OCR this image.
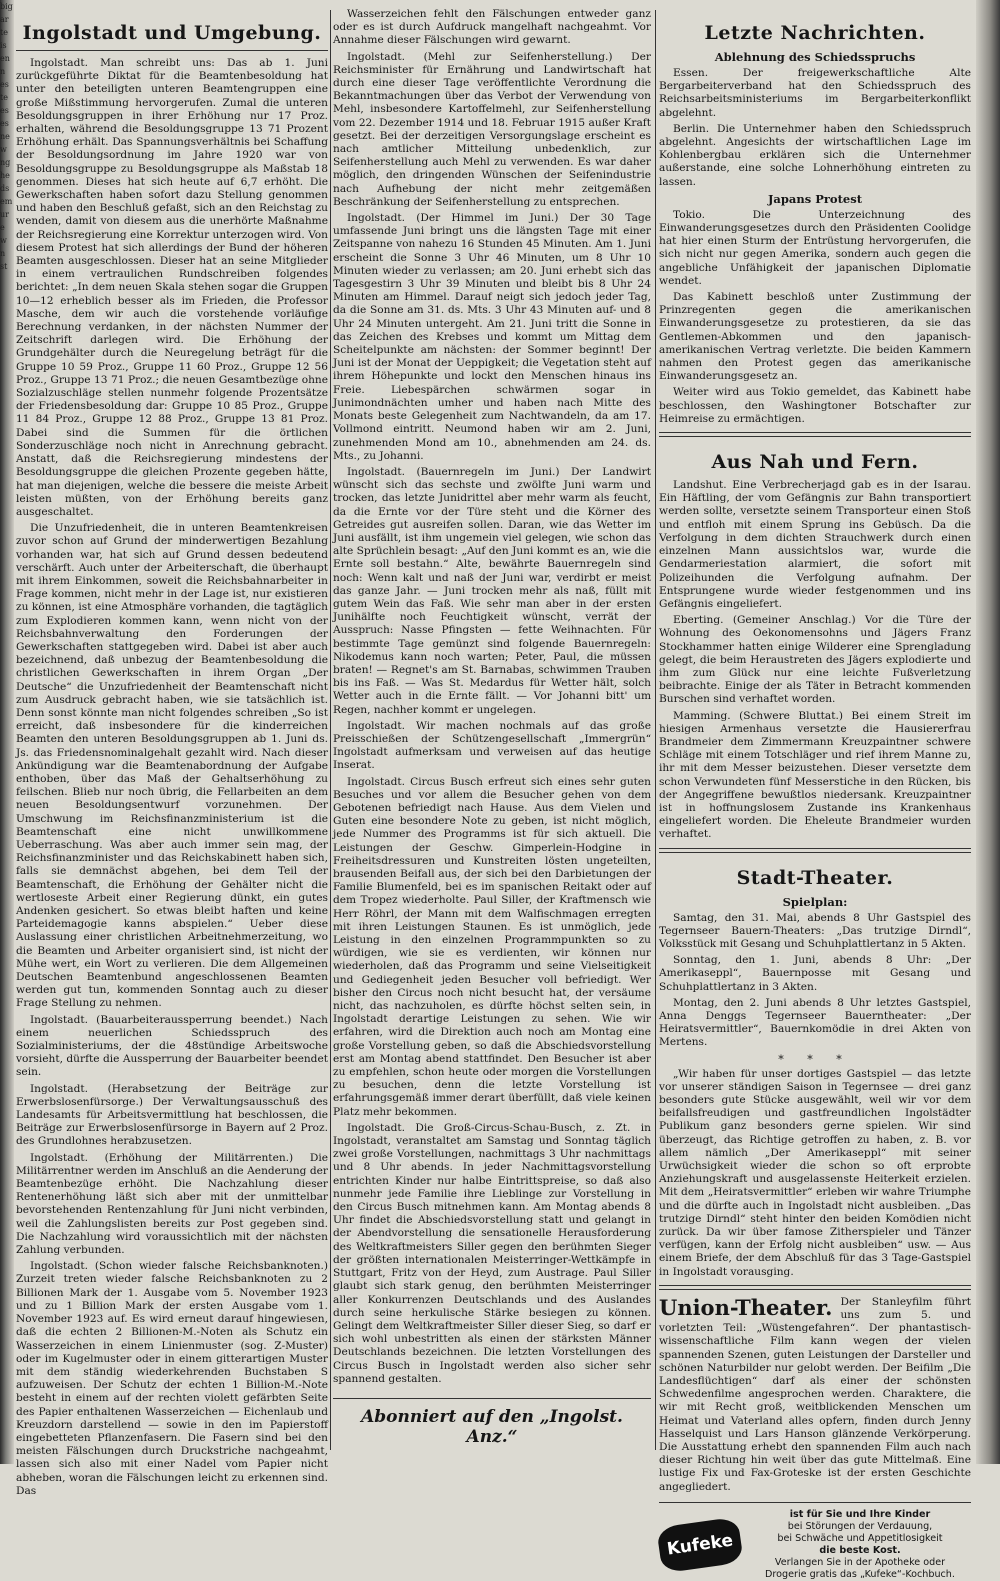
big
ar
te
is
en
n
es
te
es
es
ne
w
ng
he
ds
em
ur
e
w
n
st
Ingolstadt und Umgebung.

Ingolstadt. Man schreibt uns: Das ab 1. Juni zurückgeführte Diktat für die Beamtenbesoldung hat unter den beteiligten unteren Beamtengruppen eine große Mißstimmung hervorgerufen. Zumal die unteren Besoldungsgruppen in ihrer Erhöhung nur 17 Proz. erhalten, während die Besoldungsgruppe 13 71 Prozent Erhöhung erhält. Das Spannungsverhältnis bei Schaffung der Besoldungsordnung im Jahre 1920 war von Besoldungsgruppe zu Besoldungsgruppe als Maßstab 18 genommen. Dieses hat sich heute auf 6,7 erhöht. Die Gewerkschaften haben sofort dazu Stellung genommen und haben den Beschluß gefaßt, sich an den Reichstag zu wenden, damit von diesem aus die unerhörte Maßnahme der Reichsregierung eine Korrektur unterzogen wird. Von diesem Protest hat sich allerdings der Bund der höheren Beamten ausgeschlossen. Dieser hat an seine Mitglieder in einem vertraulichen Rundschreiben folgendes berichtet: „In dem neuen Skala stehen sogar die Gruppen 10—12 erheblich besser als im Frieden, die Professor Masche, dem wir auch die vorstehende vorläufige Berechnung verdanken, in der nächsten Nummer der Zeitschrift darlegen wird. Die Erhöhung der Grundgehälter durch die Neuregelung beträgt für die Gruppe 10 59 Proz., Gruppe 11 60 Proz., Gruppe 12 56 Proz., Gruppe 13 71 Proz.; die neuen Gesamtbezüge ohne Sozialzuschläge stellen nunmehr folgende Prozentsätze der Friedensbesoldung dar: Gruppe 10 85 Proz., Gruppe 11 84 Proz., Gruppe 12 88 Proz., Gruppe 13 81 Proz. Dabei sind die Summen für die örtlichen Sonderzuschläge noch nicht in Anrechnung gebracht. Anstatt, daß die Reichsregierung mindestens der Besoldungsgruppe die gleichen Prozente gegeben hätte, hat man diejenigen, welche die bessere die meiste Arbeit leisten müßten, von der Erhöhung bereits ganz ausgeschaltet.

Die Unzufriedenheit, die in unteren Beamtenkreisen zuvor schon auf Grund der minderwertigen Bezahlung vorhanden war, hat sich auf Grund dessen bedeutend verschärft. Auch unter der Arbeiterschaft, die überhaupt mit ihrem Einkommen, soweit die Reichsbahnarbeiter in Frage kommen, nicht mehr in der Lage ist, nur existieren zu können, ist eine Atmosphäre vorhanden, die tagtäglich zum Explodieren kommen kann, wenn nicht von der Reichsbahnverwaltung den Forderungen der Gewerkschaften stattgegeben wird. Dabei ist aber auch bezeichnend, daß unbezug der Beamtenbesoldung die christlichen Gewerkschaften in ihrem Organ „Der Deutsche“ die Unzufriedenheit der Beamtenschaft nicht zum Ausdruck gebracht haben, wie sie tatsächlich ist. Denn sonst könnte man nicht folgendes schreiben „So ist erreicht, daß insbesondere für die kinderreichen Beamten den unteren Besoldungsgruppen ab 1. Juni ds. Js. das Friedensnominalgehalt gezahlt wird. Nach dieser Ankündigung war die Beamtenabordnung der Aufgabe enthoben, über das Maß der Gehaltserhöhung zu feilschen. Blieb nur noch übrig, die Fellarbeiten an dem neuen Besoldungsentwurf vorzunehmen. Der Umschwung im Reichsfinanzministerium ist die Beamtenschaft eine nicht unwillkommene Ueberraschung. Was aber auch immer sein mag, der Reichsfinanzminister und das Reichskabinett haben sich, falls sie demnächst abgehen, bei dem Teil der Beamtenschaft, die Erhöhung der Gehälter nicht die wertloseste Arbeit einer Regierung dünkt, ein gutes Andenken gesichert. So etwas bleibt haften und keine Parteidemagogie kanns abspielen.“ Ueber diese Auslassung einer christlichen Arbeitnehmerzeitung, wo die Beamten und Arbeiter organisiert sind, ist nicht der Mühe wert, ein Wort zu verlieren. Die dem Allgemeinen Deutschen Beamtenbund angeschlossenen Beamten werden gut tun, kommenden Sonntag auch zu dieser Frage Stellung zu nehmen.

Ingolstadt. (Bauarbeiteraussperrung beendet.) Nach einem neuerlichen Schiedsspruch des Sozialministeriums, der die 48stündige Arbeitswoche vorsieht, dürfte die Aussperrung der Bauarbeiter beendet sein.

Ingolstadt. (Herabsetzung der Beiträge zur Erwerbslosenfürsorge.) Der Verwaltungsausschuß des Landesamts für Arbeitsvermittlung hat beschlossen, die Beiträge zur Erwerbslosenfürsorge in Bayern auf 2 Proz. des Grundlohnes herabzusetzen.

Ingolstadt. (Erhöhung der Militärrenten.) Die Militärrentner werden im Anschluß an die Aenderung der Beamtenbezüge erhöht. Die Nachzahlung dieser Rentenerhöhung läßt sich aber mit der unmittelbar bevorstehenden Rentenzahlung für Juni nicht verbinden, weil die Zahlungslisten bereits zur Post gegeben sind. Die Nachzahlung wird voraussichtlich mit der nächsten Zahlung verbunden.

Ingolstadt. (Schon wieder falsche Reichsbanknoten.) Zurzeit treten wieder falsche Reichsbanknoten zu 2 Billionen Mark der 1. Ausgabe vom 5. November 1923 und zu 1 Billion Mark der ersten Ausgabe vom 1. November 1923 auf. Es wird erneut darauf hingewiesen, daß die echten 2 Billionen-M.-Noten als Schutz ein Wasserzeichen in einem Linienmuster (sog. Z-Muster) oder im Kugelmuster oder in einem gitterartigen Muster mit dem ständig wiederkehrenden Buchstaben S aufzuweisen. Der Schutz der echten 1 Billion-M.-Note besteht in einem auf der rechten violett gefärbten Seite des Papier enthaltenen Wasserzeichen — Eichenlaub und Kreuzdorn darstellend — sowie in den im Papierstoff eingebetteten Pflanzenfasern. Die Fasern sind bei den meisten Fälschungen durch Druckstriche nachgeahmt, lassen sich also mit einer Nadel vom Papier nicht abheben, woran die Fälschungen leicht zu erkennen sind. Das

Wasserzeichen fehlt den Fälschungen entweder ganz oder es ist durch Aufdruck mangelhaft nachgeahmt. Vor Annahme dieser Fälschungen wird gewarnt.

Ingolstadt. (Mehl zur Seifenherstellung.) Der Reichsminister für Ernährung und Landwirtschaft hat durch eine dieser Tage veröffentlichte Verordnung die Bekanntmachungen über das Verbot der Verwendung von Mehl, insbesondere Kartoffelmehl, zur Seifenherstellung vom 22. Dezember 1914 und 18. Februar 1915 außer Kraft gesetzt. Bei der derzeitigen Versorgungslage erscheint es nach amtlicher Mitteilung unbedenklich, zur Seifenherstellung auch Mehl zu verwenden. Es war daher möglich, den dringenden Wünschen der Seifenindustrie nach Aufhebung der nicht mehr zeitgemäßen Beschränkung der Seifenherstellung zu entsprechen.

Ingolstadt. (Der Himmel im Juni.) Der 30 Tage umfassende Juni bringt uns die längsten Tage mit einer Zeitspanne von nahezu 16 Stunden 45 Minuten. Am 1. Juni erscheint die Sonne 3 Uhr 46 Minuten, um 8 Uhr 10 Minuten wieder zu verlassen; am 20. Juni erhebt sich das Tagesgestirn 3 Uhr 39 Minuten und bleibt bis 8 Uhr 24 Minuten am Himmel. Darauf neigt sich jedoch jeder Tag, da die Sonne am 31. ds. Mts. 3 Uhr 43 Minuten auf- und 8 Uhr 24 Minuten untergeht. Am 21. Juni tritt die Sonne in das Zeichen des Krebses und kommt um Mittag dem Scheitelpunkte am nächsten: der Sommer beginnt! Der Juni ist der Monat der Ueppigkeit; die Vegetation steht auf ihrem Höhepunkte und lockt den Menschen hinaus ins Freie. Liebespärchen schwärmen sogar in Junimondnächten umher und haben nach Mitte des Monats beste Gelegenheit zum Nachtwandeln, da am 17. Vollmond eintritt. Neumond haben wir am 2. Juni, zunehmenden Mond am 10., abnehmenden am 24. ds. Mts., zu Johanni.

Ingolstadt. (Bauernregeln im Juni.) Der Landwirt wünscht sich das sechste und zwölfte Juni warm und trocken, das letzte Junidrittel aber mehr warm als feucht, da die Ernte vor der Türe steht und die Körner des Getreides gut ausreifen sollen. Daran, wie das Wetter im Juni ausfällt, ist ihm ungemein viel gelegen, wie schon das alte Sprüchlein besagt: „Auf den Juni kommt es an, wie die Ernte soll bestahn.“ Alte, bewährte Bauernregeln sind noch: Wenn kalt und naß der Juni war, verdirbt er meist das ganze Jahr. — Juni trocken mehr als naß, füllt mit gutem Wein das Faß. Wie sehr man aber in der ersten Junihälfte noch Feuchtigkeit wünscht, verrät der Ausspruch: Nasse Pfingsten — fette Weihnachten. Für bestimmte Tage gemünzt sind folgende Bauernregeln: Nikodemus kann noch warten; Peter, Paul, die müssen braten! — Regnet's am St. Barnabas, schwimmen Trauben bis ins Faß. — Was St. Medardus für Wetter hält, solch Wetter auch in die Ernte fällt. — Vor Johanni bitt' um Regen, nachher kommt er ungelegen.

Ingolstadt. Wir machen nochmals auf das große Preisschießen der Schützengesellschaft „Immergrün“ Ingolstadt aufmerksam und verweisen auf das heutige Inserat.

Ingolstadt. Circus Busch erfreut sich eines sehr guten Besuches und vor allem die Besucher gehen von dem Gebotenen befriedigt nach Hause. Aus dem Vielen und Guten eine besondere Note zu geben, ist nicht möglich, jede Nummer des Programms ist für sich aktuell. Die Leistungen der Geschw. Gimperlein-Hodgine in Freiheitsdressuren und Kunstreiten lösten ungeteilten, brausenden Beifall aus, der sich bei den Darbietungen der Familie Blumenfeld, bei es im spanischen Reitakt oder auf dem Tropez wiederholte. Paul Siller, der Kraftmensch wie Herr Röhrl, der Mann mit dem Walfischmagen erregten mit ihren Leistungen Staunen. Es ist unmöglich, jede Leistung in den einzelnen Programmpunkten so zu würdigen, wie sie es verdienten, wir können nur wiederholen, daß das Programm und seine Vielseitigkeit und Gediegenheit jeden Besucher voll befriedigt. Wer bisher den Circus noch nicht besucht hat, der versäume nicht, das nachzuholen, es dürfte höchst selten sein, in Ingolstadt derartige Leistungen zu sehen. Wie wir erfahren, wird die Direktion auch noch am Montag eine große Vorstellung geben, so daß die Abschiedsvorstellung erst am Montag abend stattfindet. Den Besucher ist aber zu empfehlen, schon heute oder morgen die Vorstellungen zu besuchen, denn die letzte Vorstellung ist erfahrungsgemäß immer derart überfüllt, daß viele keinen Platz mehr bekommen.

Ingolstadt. Die Groß-Circus-Schau-Busch, z. Zt. in Ingolstadt, veranstaltet am Samstag und Sonntag täglich zwei große Vorstellungen, nachmittags 3 Uhr nachmittags und 8 Uhr abends. In jeder Nachmittagsvorstellung entrichten Kinder nur halbe Eintrittspreise, so daß also nunmehr jede Familie ihre Lieblinge zur Vorstellung in den Circus Busch mitnehmen kann. Am Montag abends 8 Uhr findet die Abschiedsvorstellung statt und gelangt in der Abendvorstellung die sensationelle Herausforderung des Weltkraftmeisters Siller gegen den berühmten Sieger der größten internationalen Meisterringer-Wettkämpfe in Stuttgart, Fritz von der Heyd, zum Austrage. Paul Siller glaubt sich stark genug, den berühmten Meisterringer aller Konkurrenzen Deutschlands und des Auslandes durch seine herkulische Stärke besiegen zu können. Gelingt dem Weltkraftmeister Siller dieser Sieg, so darf er sich wohl unbestritten als einen der stärksten Männer Deutschlands bezeichnen. Die letzten Vorstellungen des Circus Busch in Ingolstadt werden also sicher sehr spannend gestalten.

Abonniert auf den „Ingolst. Anz.“
Letzte Nachrichten.
Ablehnung des Schiedsspruchs

Essen. Der freigewerkschaftliche Alte Bergarbeiterverband hat den Schiedsspruch des Reichsarbeitsministeriums im Bergarbeiterkonflikt abgelehnt.

Berlin. Die Unternehmer haben den Schiedsspruch abgelehnt. Angesichts der wirtschaftlichen Lage im Kohlenbergbau erklären sich die Unternehmer außerstande, eine solche Lohnerhöhung eintreten zu lassen.

Japans Protest

Tokio. Die Unterzeichnung des Einwanderungsgesetzes durch den Präsidenten Coolidge hat hier einen Sturm der Entrüstung hervorgerufen, die sich nicht nur gegen Amerika, sondern auch gegen die angebliche Unfähigkeit der japanischen Diplomatie wendet.

Das Kabinett beschloß unter Zustimmung der Prinzregenten gegen die amerikanischen Einwanderungsgesetze zu protestieren, da sie das Gentlemen-Abkommen und den japanisch-amerikanischen Vertrag verletzte. Die beiden Kammern nahmen den Protest gegen das amerikanische Einwanderungsgesetz an.

Weiter wird aus Tokio gemeldet, das Kabinett habe beschlossen, den Washingtoner Botschafter zur Heimreise zu ermächtigen.

Aus Nah und Fern.

Landshut. Eine Verbrecherjagd gab es in der Isarau. Ein Häftling, der vom Gefängnis zur Bahn transportiert werden sollte, versetzte seinem Transporteur einen Stoß und entfloh mit einem Sprung ins Gebüsch. Da die Verfolgung in dem dichten Strauchwerk durch einen einzelnen Mann aussichtslos war, wurde die Gendarmeriestation alarmiert, die sofort mit Polizeihunden die Verfolgung aufnahm. Der Entsprungene wurde wieder festgenommen und ins Gefängnis eingeliefert.

Eberting. (Gemeiner Anschlag.) Vor die Türe der Wohnung des Oekonomensohns und Jägers Franz Stockhammer hatten einige Wilderer eine Sprengladung gelegt, die beim Heraustreten des Jägers explodierte und ihm zum Glück nur eine leichte Fußverletzung beibrachte. Einige der als Täter in Betracht kommenden Burschen sind verhaftet worden.

Mamming. (Schwere Bluttat.) Bei einem Streit im hiesigen Armenhaus versetzte die Hausiererfrau Brandmeier dem Zimmermann Kreuzpaintner schwere Schläge mit einem Totschläger und rief ihrem Manne zu, ihr mit dem Messer beizustehen. Dieser versetzte dem schon Verwundeten fünf Messerstiche in den Rücken, bis der Angegriffene bewußtlos niedersank. Kreuzpaintner ist in hoffnungslosem Zustande ins Krankenhaus eingeliefert worden. Die Eheleute Brandmeier wurden verhaftet.

Stadt-Theater.
Spielplan:

Samtag, den 31. Mai, abends 8 Uhr Gastspiel des Tegernseer Bauern-Theaters: „Das trutzige Dirndl“, Volksstück mit Gesang und Schuhplattlertanz in 5 Akten.

Sonntag, den 1. Juni, abends 8 Uhr: „Der Amerikaseppl“, Bauernposse mit Gesang und Schuhplattlertanz in 3 Akten.

Montag, den 2. Juni abends 8 Uhr letztes Gastspiel, Anna Denggs Tegernseer Bauerntheater: „Der Heiratsvermittler“, Bauernkomödie in drei Akten von Mertens.

* * *

„Wir haben für unser dortiges Gastspiel — das letzte vor unserer ständigen Saison in Tegernsee — drei ganz besonders gute Stücke ausgewählt, weil wir vor dem beifallsfreudigen und gastfreundlichen Ingolstädter Publikum ganz besonders gerne spielen. Wir sind überzeugt, das Richtige getroffen zu haben, z. B. vor allem nämlich „Der Amerikaseppl“ mit seiner Urwüchsigkeit wieder die schon so oft erprobte Anziehungskraft und ausgelassenste Heiterkeit erzielen. Mit dem „Heiratsvermittler“ erleben wir wahre Triumphe und die dürfte auch in Ingolstadt nicht ausbleiben. „Das trutzige Dirndl“ steht hinter den beiden Komödien nicht zurück. Da wir über famose Zitherspieler und Tänzer verfügen, kann der Erfolg nicht ausbleiben“ usw. — Aus einem Briefe, der dem Abschluß für das 3 Tage-Gastspiel in Ingolstadt vorausging.

Union-Theater. Der Stanleyfilm führt uns zum 5. und vorletzten Teil: „Wüstengefahren“. Der phantastisch-wissenschaftliche Film kann wegen der vielen spannenden Szenen, guten Leistungen der Darsteller und schönen Naturbilder nur gelobt werden. Der Beifilm „Die Landesflüchtigen“ darf als einer der schönsten Schwedenfilme angesprochen werden. Charaktere, die wir mit Recht groß, weitblickenden Menschen um Heimat und Vaterland alles opfern, finden durch Jenny Hasselquist und Lars Hanson glänzende Verkörperung. Die Ausstattung erhebt den spannenden Film auch nach dieser Richtung hin weit über das gute Mittelmaß. Eine lustige Fix und Fax-Groteske ist der ersten Geschichte angegliedert.

Kufeke
ist für Sie und Ihre Kinder
bei Störungen der Verdauung,
bei Schwäche und Appetitlosigkeit
die beste Kost.
Verlangen Sie in der Apotheke oder
Drogerie gratis das „Kufeke“-Kochbuch.
